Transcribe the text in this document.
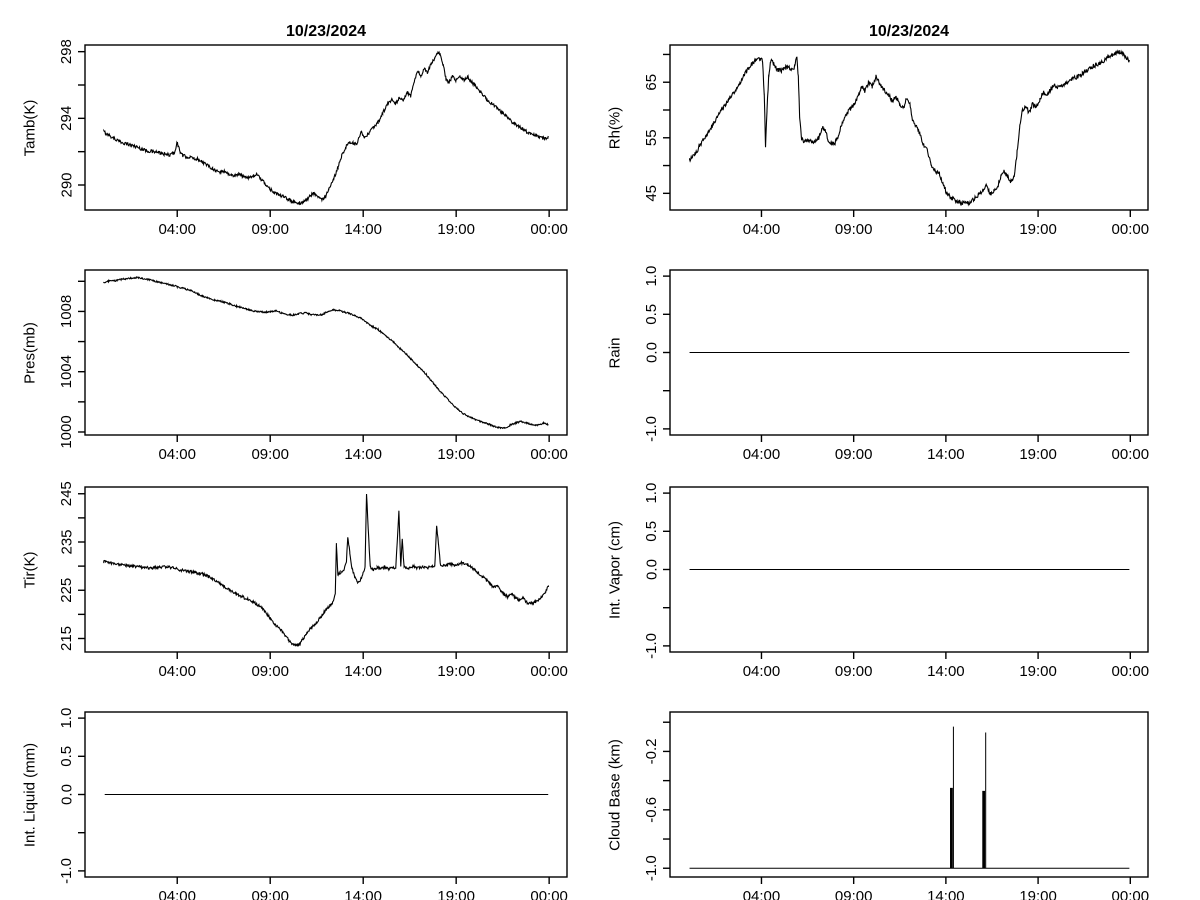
10/23/2024
Tamb(K)
04:00	09:00	14:00	19:00	00:00
290
294
298
10/23/2024
Rh(%)
04:00	09:00	14:00	19:00	00:00
45
55
65
Pres(mb)
04:00	09:00	14:00	19:00	00:00
1000
1004
1008
Rain
04:00	09:00	14:00	19:00	00:00
1.0
0.5
0.0
-1.0
Tir(K)
04:00	09:00	14:00	19:00	00:00
215
225
235
245
Int. Vapor (cm)
04:00	09:00	14:00	19:00	00:00
1.0
0.5
0.0
-1.0
Int. Liquid (mm)
04:00	09:00	14:00	19:00	00:00
1.0
0.5
0.0
-1.0
Cloud Base (km)
04:00	09:00	14:00	19:00	00:00
-0.2
-0.6
-1.0
